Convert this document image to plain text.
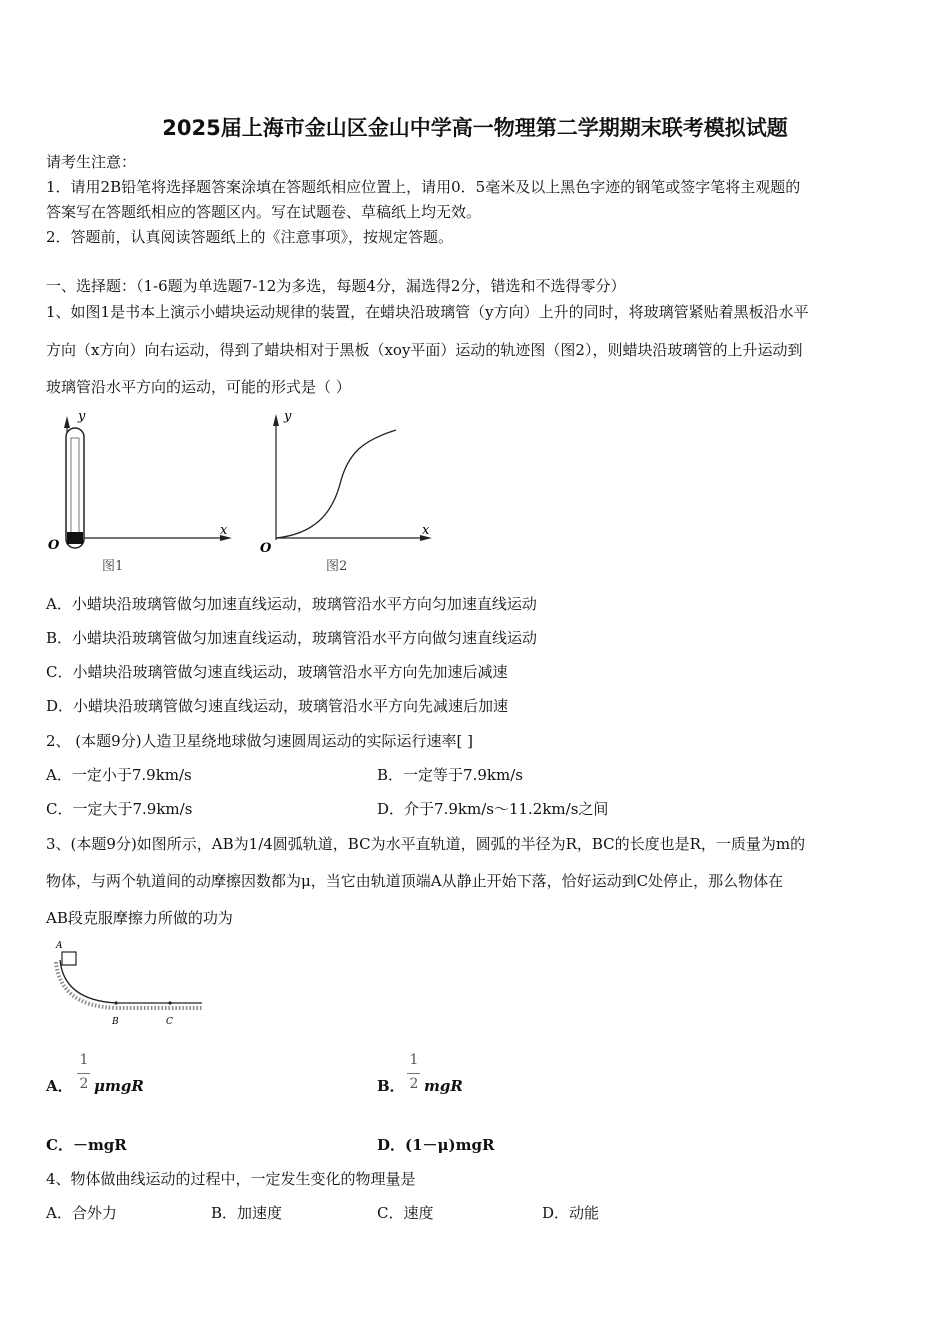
2025届上海市金山区金山中学高一物理第二学期期末联考模拟试题
请考生注意：
1．请用2B铅笔将选择题答案涂填在答题纸相应位置上，请用0．5毫米及以上黑色字迹的钢笔或签字笔将主观题的
答案写在答题纸相应的答题区内。写在试题卷、草稿纸上均无效。
2．答题前，认真阅读答题纸上的《注意事项》，按规定答题。
一、选择题：（1-6题为单选题7-12为多选，每题4分，漏选得2分，错选和不选得零分）
1、如图1是书本上演示小蜡块运动规律的装置，在蜡块沿玻璃管（y方向）上升的同时，将玻璃管紧贴着黑板沿水平
方向（x方向）向右运动，得到了蜡块相对于黑板（xoy平面）运动的轨迹图（图2），则蜡块沿玻璃管的上升运动到
玻璃管沿水平方向的运动，可能的形式是（ ）
y
x
O
图1
y
x
O
图2
A．小蜡块沿玻璃管做匀加速直线运动，玻璃管沿水平方向匀加速直线运动
B．小蜡块沿玻璃管做匀加速直线运动，玻璃管沿水平方向做匀速直线运动
C．小蜡块沿玻璃管做匀速直线运动，玻璃管沿水平方向先加速后减速
D．小蜡块沿玻璃管做匀速直线运动，玻璃管沿水平方向先减速后加速
2、 (本题9分)人造卫星绕地球做匀速圆周运动的实际运行速率[ ]
A．一定小于7.9km/s	B．一定等于7.9km/s
C．一定大于7.9km/s	D．介于7.9km/s～11.2km/s之间
3、(本题9分)如图所示，AB为1/4圆弧轨道，BC为水平直轨道，圆弧的半径为R，BC的长度也是R，一质量为m的
物体，与两个轨道间的动摩擦因数都为μ，当它由轨道顶端A从静止开始下落，恰好运动到C处停止，那么物体在
AB段克服摩擦力所做的功为
A
B	C
A．
1
2 μmgR	B．
1
2 mgR
C．－mgR	D．(1－μ)mgR
4、物体做曲线运动的过程中，一定发生变化的物理量是
A．合外力	B．加速度	C．速度	D．动能
